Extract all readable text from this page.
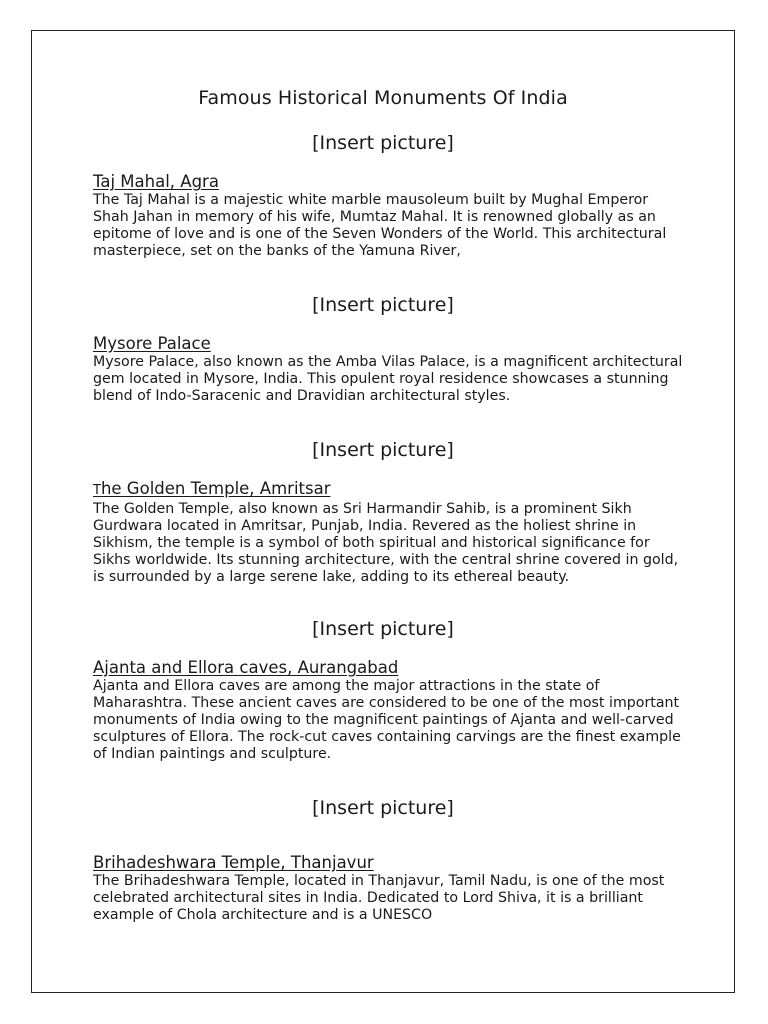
Famous Historical Monuments Of India
[Insert picture]
Taj Mahal, Agra

The Taj Mahal is a majestic white marble mausoleum built by Mughal Emperor Shah Jahan in memory of his wife, Mumtaz Mahal. It is renowned globally as an epitome of love and is one of the Seven Wonders of the World. This architectural masterpiece, set on the banks of the Yamuna River,

[Insert picture]
Mysore Palace

Mysore Palace, also known as the Amba Vilas Palace, is a magnificent architectural gem located in Mysore, India. This opulent royal residence showcases a stunning blend of Indo-Saracenic and Dravidian architectural styles.

[Insert picture]
The Golden Temple, Amritsar

The Golden Temple, also known as Sri Harmandir Sahib, is a prominent Sikh Gurdwara located in Amritsar, Punjab, India. Revered as the holiest shrine in Sikhism, the temple is a symbol of both spiritual and historical significance for Sikhs worldwide. Its stunning architecture, with the central shrine covered in gold, is surrounded by a large serene lake, adding to its ethereal beauty.

[Insert picture]
Ajanta and Ellora caves, Aurangabad

Ajanta and Ellora caves are among the major attractions in the state of Maharashtra. These ancient caves are considered to be one of the most important monuments of India owing to the magnificent paintings of Ajanta and well-carved sculptures of Ellora. The rock-cut caves containing carvings are the finest example of Indian paintings and sculpture.

[Insert picture]
Brihadeshwara Temple, Thanjavur

The Brihadeshwara Temple, located in Thanjavur, Tamil Nadu, is one of the most celebrated architectural sites in India. Dedicated to Lord Shiva, it is a brilliant example of Chola architecture and is a UNESCO
